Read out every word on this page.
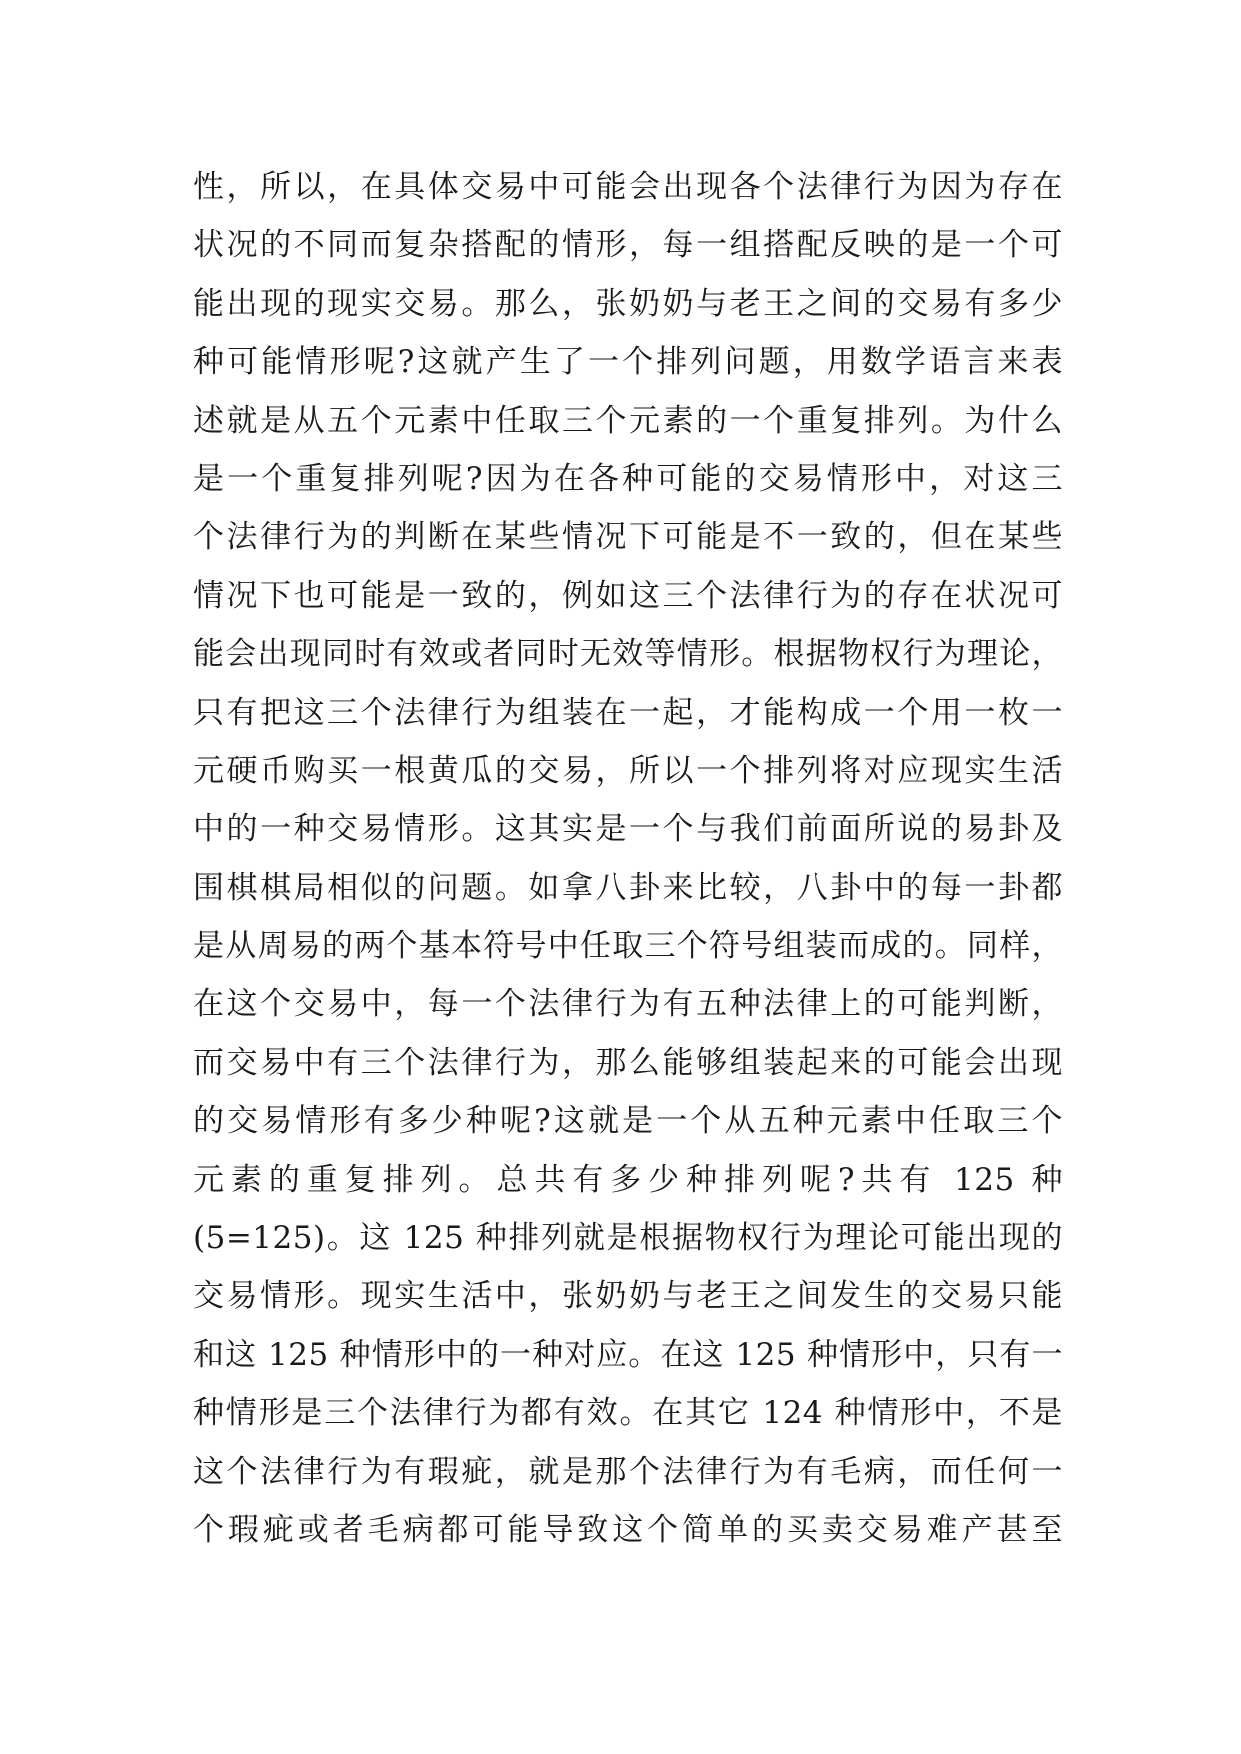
性，所以，在具体交易中可能会出现各个法律行为因为存在
状况的不同而复杂搭配的情形，每一组搭配反映的是一个可
能出现的现实交易。那么，张奶奶与老王之间的交易有多少
种可能情形呢?这就产生了一个排列问题，用数学语言来表
述就是从五个元素中任取三个元素的一个重复排列。为什么
是一个重复排列呢?因为在各种可能的交易情形中，对这三
个法律行为的判断在某些情况下可能是不一致的，但在某些
情况下也可能是一致的，例如这三个法律行为的存在状况可
能会出现同时有效或者同时无效等情形。根据物权行为理论，
只有把这三个法律行为组装在一起，才能构成一个用一枚一
元硬币购买一根黄瓜的交易，所以一个排列将对应现实生活
中的一种交易情形。这其实是一个与我们前面所说的易卦及
围棋棋局相似的问题。如拿八卦来比较，八卦中的每一卦都
是从周易的两个基本符号中任取三个符号组装而成的。同样，
在这个交易中，每一个法律行为有五种法律上的可能判断，
而交易中有三个法律行为，那么能够组装起来的可能会出现
的交易情形有多少种呢?这就是一个从五种元素中任取三个
元素的重复排列。总共有多少种排列呢?共有 125 种
(5=125)。这 125 种排列就是根据物权行为理论可能出现的
交易情形。现实生活中，张奶奶与老王之间发生的交易只能
和这 125 种情形中的一种对应。在这 125 种情形中，只有一
种情形是三个法律行为都有效。在其它 124 种情形中，不是
这个法律行为有瑕疵，就是那个法律行为有毛病，而任何一
个瑕疵或者毛病都可能导致这个简单的买卖交易难产甚至
